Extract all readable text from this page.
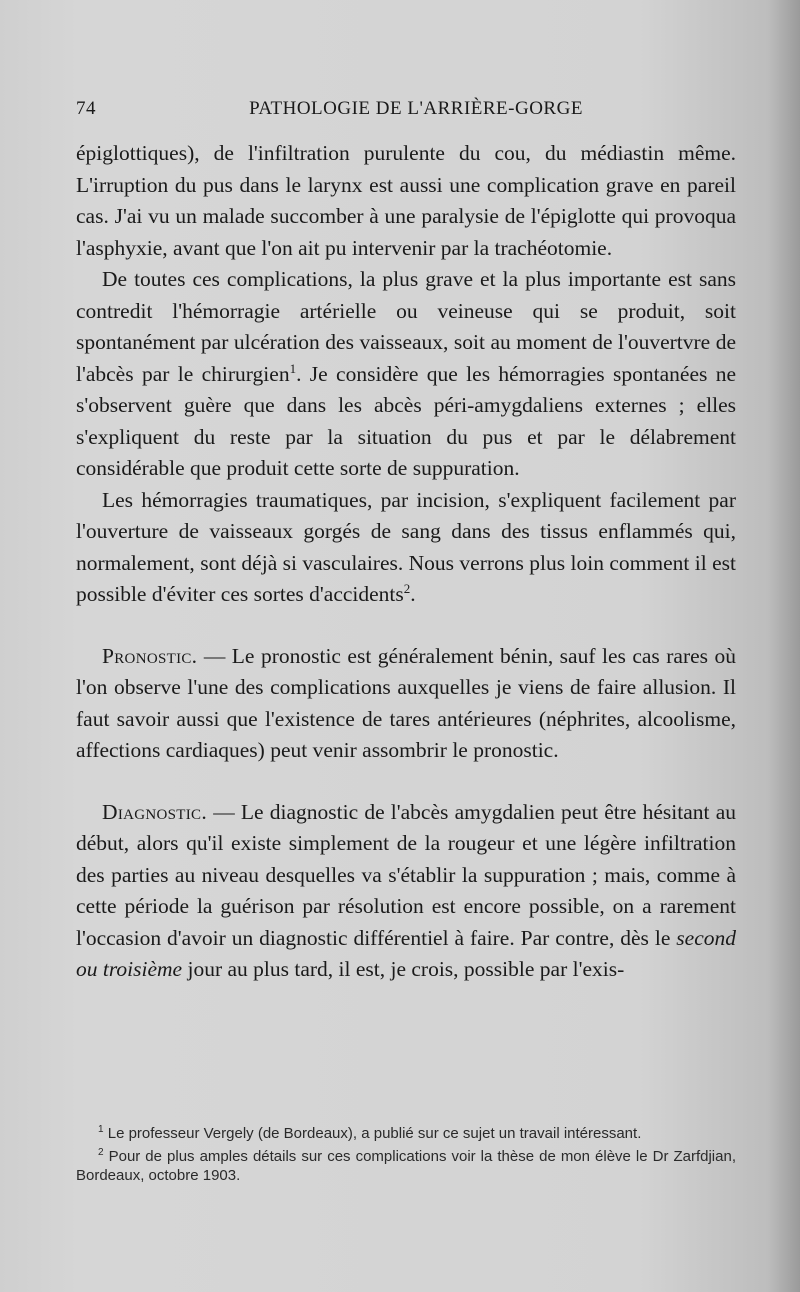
74	PATHOLOGIE DE L'ARRIÈRE-GORGE

épiglottiques), de l'infiltration purulente du cou, du médiastin même. L'irruption du pus dans le larynx est aussi une complication grave en pareil cas. J'ai vu un malade succomber à une paralysie de l'épiglotte qui provoqua l'asphyxie, avant que l'on ait pu intervenir par la trachéotomie.

De toutes ces complications, la plus grave et la plus importante est sans contredit l'hémorragie artérielle ou veineuse qui se produit, soit spontanément par ulcération des vaisseaux, soit au moment de l'ouvertvre de l'abcès par le chirurgien$^1$. Je considère que les hémorragies spontanées ne s'observent guère que dans les abcès péri-amygdaliens externes ; elles s'expliquent du reste par la situation du pus et par le délabrement considérable que produit cette sorte de suppuration.

Les hémorragies traumatiques, par incision, s'expliquent facilement par l'ouverture de vaisseaux gorgés de sang dans des tissus enflammés qui, normalement, sont déjà si vasculaires. Nous verrons plus loin comment il est possible d'éviter ces sortes d'accidents$^2$.

Pronostic. — Le pronostic est généralement bénin, sauf les cas rares où l'on observe l'une des complications auxquelles je viens de faire allusion. Il faut savoir aussi que l'existence de tares antérieures (néphrites, alcoolisme, affections cardiaques) peut venir assombrir le pronostic.

Diagnostic. — Le diagnostic de l'abcès amygdalien peut être hésitant au début, alors qu'il existe simplement de la rougeur et une légère infiltration des parties au niveau desquelles va s'établir la suppuration ; mais, comme à cette période la guérison par résolution est encore possible, on a rarement l'occasion d'avoir un diagnostic différentiel à faire. Par contre, dès le second ou troisième jour au plus tard, il est, je crois, possible par l'exis-

$^1$ Le professeur Vergely (de Bordeaux), a publié sur ce sujet un travail intéressant.

$^2$ Pour de plus amples détails sur ces complications voir la thèse de mon élève le Dr Zarfdjian, Bordeaux, octobre 1903.
